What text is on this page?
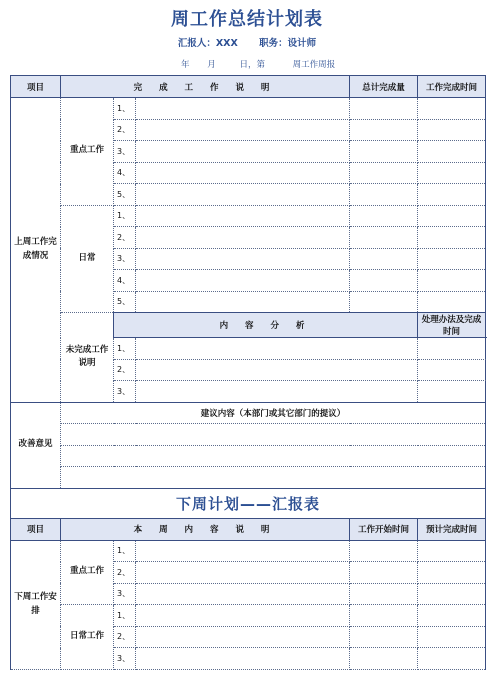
周工作总结计划表
汇报人：XXX 职务：设计师
年 月	日，第	周工作周报
项目	完 成 工 作 说 明			总计完成量	工作完成时间
上周工作完成情况	重点工作	1、			
		2、			
		3、			
		4、			
		5、			
	日常	1、			
		2、			
		3、			
		4、			
		5、			
	未完成工作说明	内 容 分 析			处理办法及完成时间
		1、			
		2、			
		3、			
改善意见	建议内容（本部门或其它部门的提议）				

下周计划——汇报表					
项目	本 周 内 容 说 明			工作开始时间	预计完成时间
下周工作安排	重点工作	1、			
		2、			
		3、			
	日常工作	1、			
		2、			
		3、			
